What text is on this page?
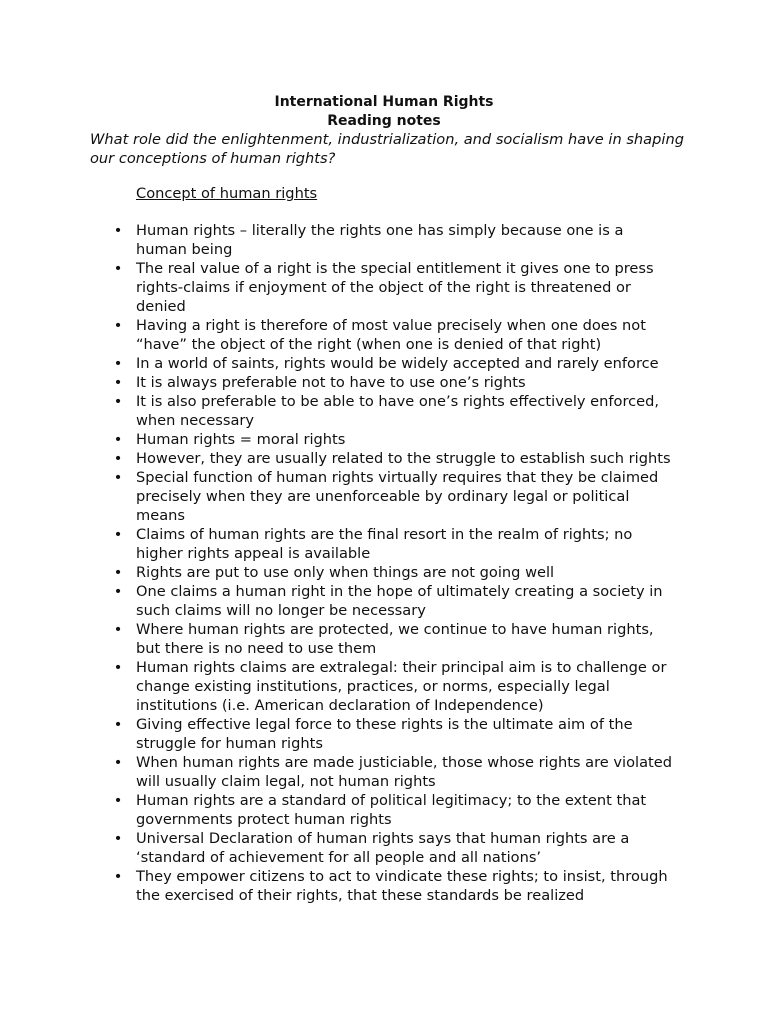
International Human Rights
Reading notes

What role did the enlightenment, industrialization, and socialism have in shaping our conceptions of human rights?

Concept of human rights

• Human rights – literally the rights one has simply because one is a human being
• The real value of a right is the special entitlement it gives one to press rights-claims if enjoyment of the object of the right is threatened or denied
• Having a right is therefore of most value precisely when one does not “have” the object of the right (when one is denied of that right)
• In a world of saints, rights would be widely accepted and rarely enforce
• It is always preferable not to have to use one’s rights
• It is also preferable to be able to have one’s rights effectively enforced, when necessary
• Human rights = moral rights
• However, they are usually related to the struggle to establish such rights
• Special function of human rights virtually requires that they be claimed precisely when they are unenforceable by ordinary legal or political means
• Claims of human rights are the final resort in the realm of rights; no higher rights appeal is available
• Rights are put to use only when things are not going well
• One claims a human right in the hope of ultimately creating a society in such claims will no longer be necessary
• Where human rights are protected, we continue to have human rights, but there is no need to use them
• Human rights claims are extralegal: their principal aim is to challenge or change existing institutions, practices, or norms, especially legal institutions (i.e. American declaration of Independence)
• Giving effective legal force to these rights is the ultimate aim of the struggle for human rights
• When human rights are made justiciable, those whose rights are violated will usually claim legal, not human rights
• Human rights are a standard of political legitimacy; to the extent that governments protect human rights
• Universal Declaration of human rights says that human rights are a ‘standard of achievement for all people and all nations’
• They empower citizens to act to vindicate these rights; to insist, through the exercised of their rights, that these standards be realized
